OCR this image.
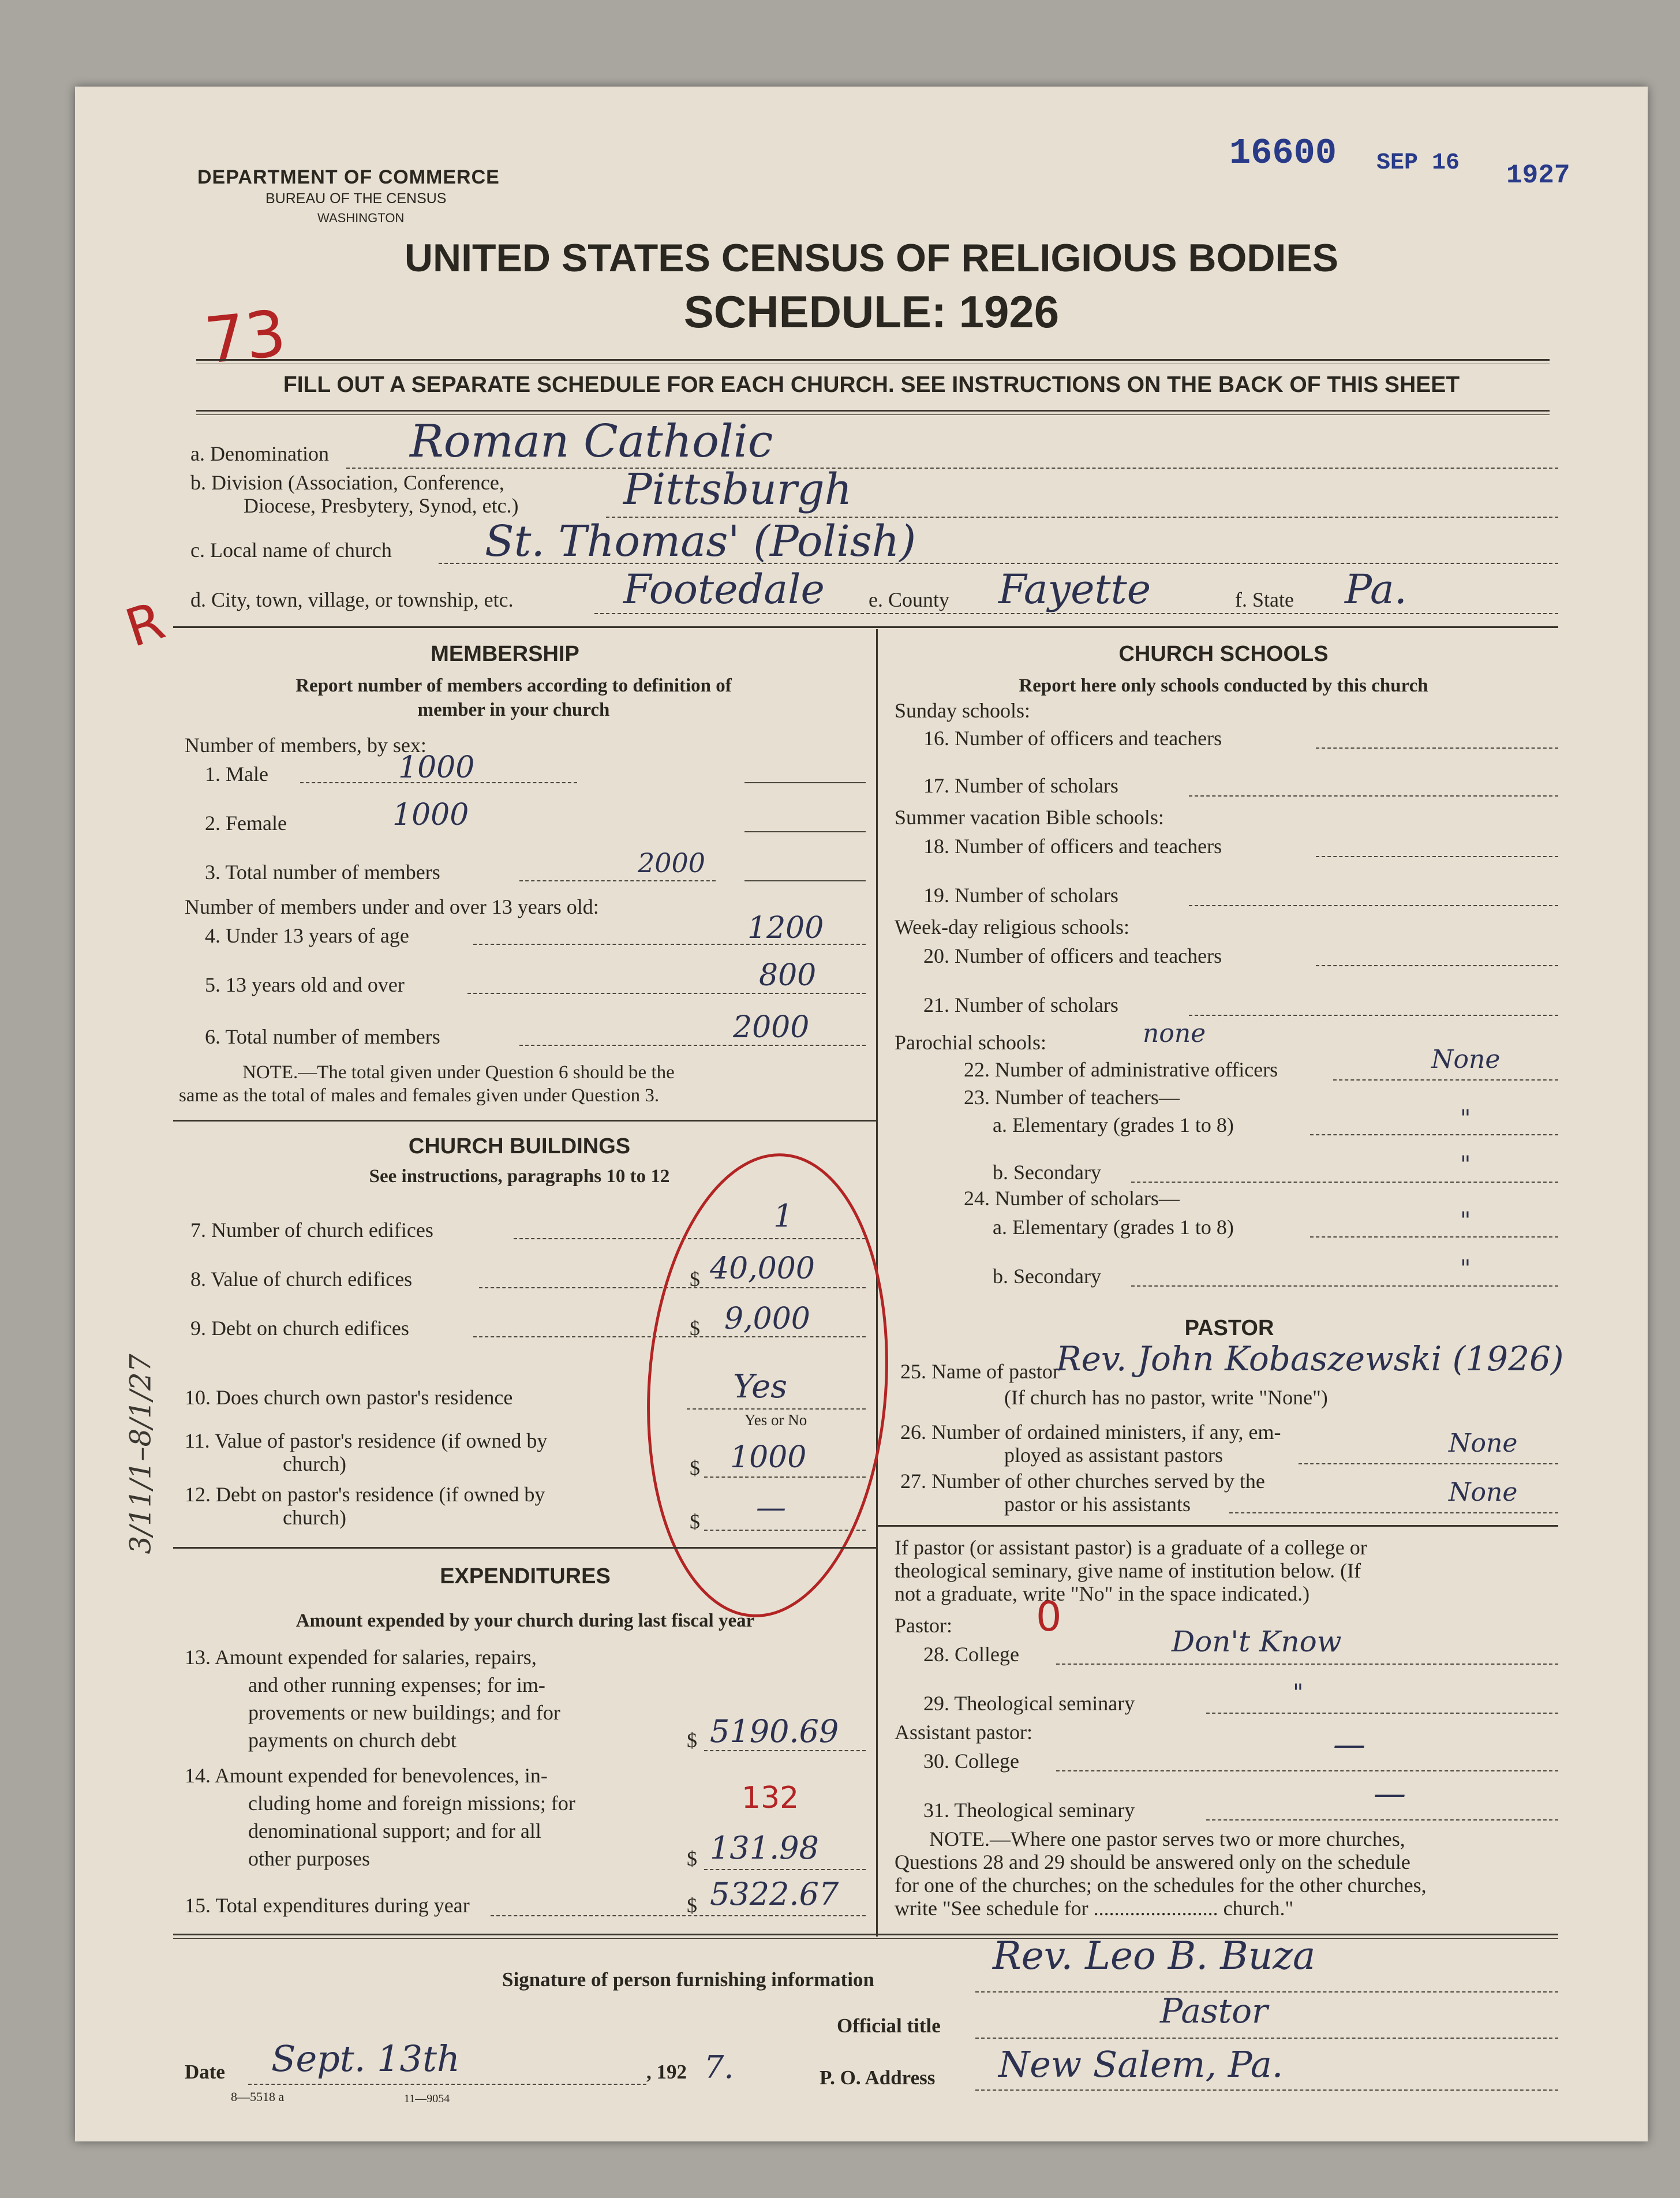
DEPARTMENT OF COMMERCE
BUREAU OF THE CENSUS
WASHINGTON
16600 SEP 16 1927
73
R
UNITED STATES CENSUS OF RELIGIOUS BODIES
SCHEDULE: 1926
FILL OUT A SEPARATE SCHEDULE FOR EACH CHURCH. SEE INSTRUCTIONS ON THE BACK OF THIS SHEET
a. Denomination Roman Catholic
b. Division (Association, Conference,
Diocese, Presbytery, Synod, etc.) Pittsburgh
c. Local name of church St. Thomas' (Polish)
d. City, town, village, or township, etc.	Footedale e. County Fayette	f. State Pa.
MEMBERSHIP
Report number of members according to definition of
member in your church
Number of members, by sex:
1. Male	1000
2. Female	1000
3. Total number of members	2000
Number of members under and over 13 years old:
4. Under 13 years of age	1200
5. 13 years old and over	800
6. Total number of members	2000
NOTE.—The total given under Question 6 should be the
same as the total of males and females given under Question 3.
CHURCH BUILDINGS
See instructions, paragraphs 10 to 12
7. Number of church edifices	1
8. Value of church edifices	$ 40,000
9. Debt on church edifices	$ 9,000
10. Does church own pastor's residence	Yes
Yes or No
11. Value of pastor's residence (if owned by
church)	$ 1000
12. Debt on pastor's residence (if owned by
church)	$ —
EXPENDITURES
Amount expended by your church during last fiscal year
13. Amount expended for salaries, repairs,
and other running expenses; for im-
provements or new buildings; and for
payments on church debt	$ 5190.69
14. Amount expended for benevolences, in-
cluding home and foreign missions; for
denominational support; and for all
other purposes
132
$ 131.98
15. Total expenditures during year	$ 5322.67
CHURCH SCHOOLS
Report here only schools conducted by this church
Sunday schools:
16. Number of officers and teachers
17. Number of scholars
Summer vacation Bible schools:
18. Number of officers and teachers
19. Number of scholars
Week-day religious schools:
20. Number of officers and teachers
21. Number of scholars
Parochial schools:	none
22. Number of administrative officers	None
23. Number of teachers—
a. Elementary (grades 1 to 8)	"
b. Secondary	"
24. Number of scholars—
a. Elementary (grades 1 to 8)	"
b. Secondary	"
PASTOR
25. Name of pastor
Rev. John Kobaszewski (1926)
(If church has no pastor, write "None")
26. Number of ordained ministers, if any, em-
ployed as assistant pastors	None
27. Number of other churches served by the
pastor or his assistants	None
If pastor (or assistant pastor) is a graduate of a college or
theological seminary, give name of institution below. (If
not a graduate, write "No" in the space indicated.)
Pastor: 0
28. College	Don't Know
29. Theological seminary	"
Assistant pastor:
30. College	—
31. Theological seminary	—
NOTE.—Where one pastor serves two or more churches,
Questions 28 and 29 should be answered only on the schedule
for one of the churches; on the schedules for the other churches,
write "See schedule for ........................ church."
Signature of person furnishing information
Rev. Leo B. Buza
Official title	Pastor
Date Sept. 13th	, 192 7.	P. O. Address New Salem, Pa.
8—5518 a	11—9054
3/11/1–8/1/27
